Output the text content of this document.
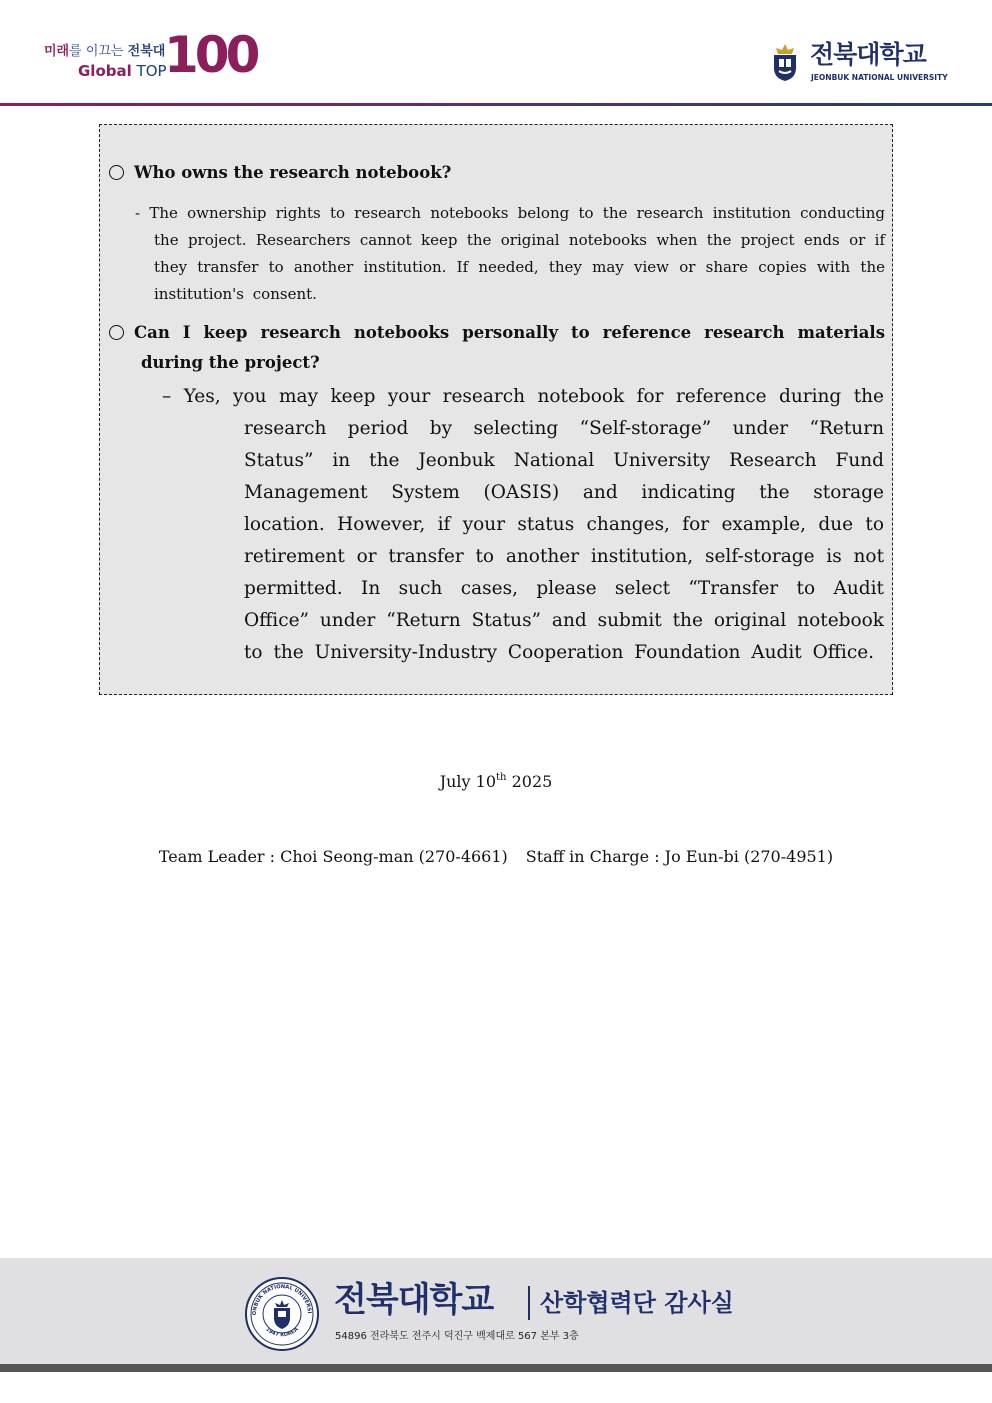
미래를 이끄는 전북대
Global TOP
100	전북대학교
JEONBUK NATIONAL UNIVERSITY
Who owns the research notebook?
- The ownership rights to research notebooks belong to the research institution conducting the project. Researchers cannot keep the original notebooks when the project ends or if they transfer to another institution. If needed, they may view or share copies with the institution's consent.
Can I keep research notebooks personally to reference research materials during the project?
– Yes, you may keep your research notebook for reference during the research period by selecting “Self-storage” under “Return Status” in the Jeonbuk National University Research Fund Management System (OASIS) and indicating the storage location. However, if your status changes, for example, due to retirement or transfer to another institution, self-storage is not permitted. In such cases, please select “Transfer to Audit Office” under “Return Status” and submit the original notebook to the University-Industry Cooperation Foundation Audit Office.
July 10th 2025
Team Leader : Choi Seong-man (270-4661) Staff in Charge : Jo Eun-bi (270-4951)
ONBUK NATIONAL UNIVERSI
1947 KOREA
전북대학교 산학협력단 감사실
54896 전라북도 전주시 덕진구 백제대로 567 본부 3층
